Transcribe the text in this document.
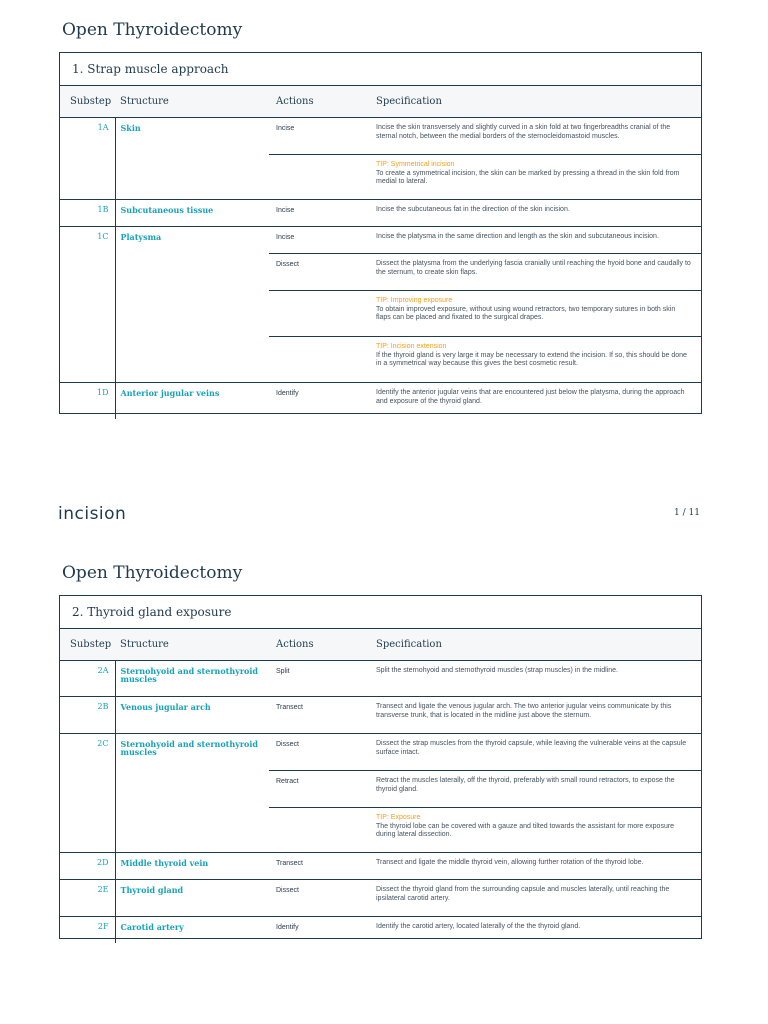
Open Thyroidectomy
1. Strap muscle approach
Substep	Structure	Actions	Specification
1A	Skin	Incise	Incise the skin transversely and slightly curved in a skin fold at two fingerbreadths cranial of the sternal notch, between the medial borders of the sternocleidomastoid muscles.

			TIP: Symmetrical incision
To create a symmetrical incision, the skin can be marked by pressing a thread in the skin fold from medial to lateral.
1B	Subcutaneous tissue	Incise	Incise the subcutaneous fat in the direction of the skin incision.
1C	Platysma	Incise	Incise the platysma in the same direction and length as the skin and subcutaneous incision.
		Dissect	Dissect the platysma from the underlying fascia cranially until reaching the hyoid bone and caudally to the sternum, to create skin flaps.

			TIP: Improving exposure
To obtain improved exposure, without using wound retractors, two temporary sutures in both skin flaps can be placed and fixated to the surgical drapes.

			TIP: Incision extension
If the thyroid gland is very large it may be necessary to extend the incision. If so, this should be done in a symmetrical way because this gives the best cosmetic result.
1D	Anterior jugular veins	Identify	Identify the anterior jugular veins that are encountered just below the platysma, during the approach and exposure of the thyroid gland.
incision	1 / 11
Open Thyroidectomy
2. Thyroid gland exposure
Substep	Structure	Actions	Specification
2A	Sternohyoid and sternothyroid muscles	Split	Split the sternohyoid and sternothyroid muscles (strap muscles) in the midline.
2B	Venous jugular arch	Transect	Transect and ligate the venous jugular arch. The two anterior jugular veins communicate by this transverse trunk, that is located in the midline just above the sternum.
2C	Sternohyoid and sternothyroid muscles	Dissect	Dissect the strap muscles from the thyroid capsule, while leaving the vulnerable veins at the capsule surface intact.
		Retract	Retract the muscles laterally, off the thyroid, preferably with small round retractors, to expose the thyroid gland.

			TIP: Exposure
The thyroid lobe can be covered with a gauze and tilted towards the assistant for more exposure during lateral dissection.
2D	Middle thyroid vein	Transect	Transect and ligate the middle thyroid vein, allowing further rotation of the thyroid lobe.
2E	Thyroid gland	Dissect	Dissect the thyroid gland from the surrounding capsule and muscles laterally, until reaching the ipsilateral carotid artery.
2F	Carotid artery	Identify	Identify the carotid artery, located laterally of the the thyroid gland.
